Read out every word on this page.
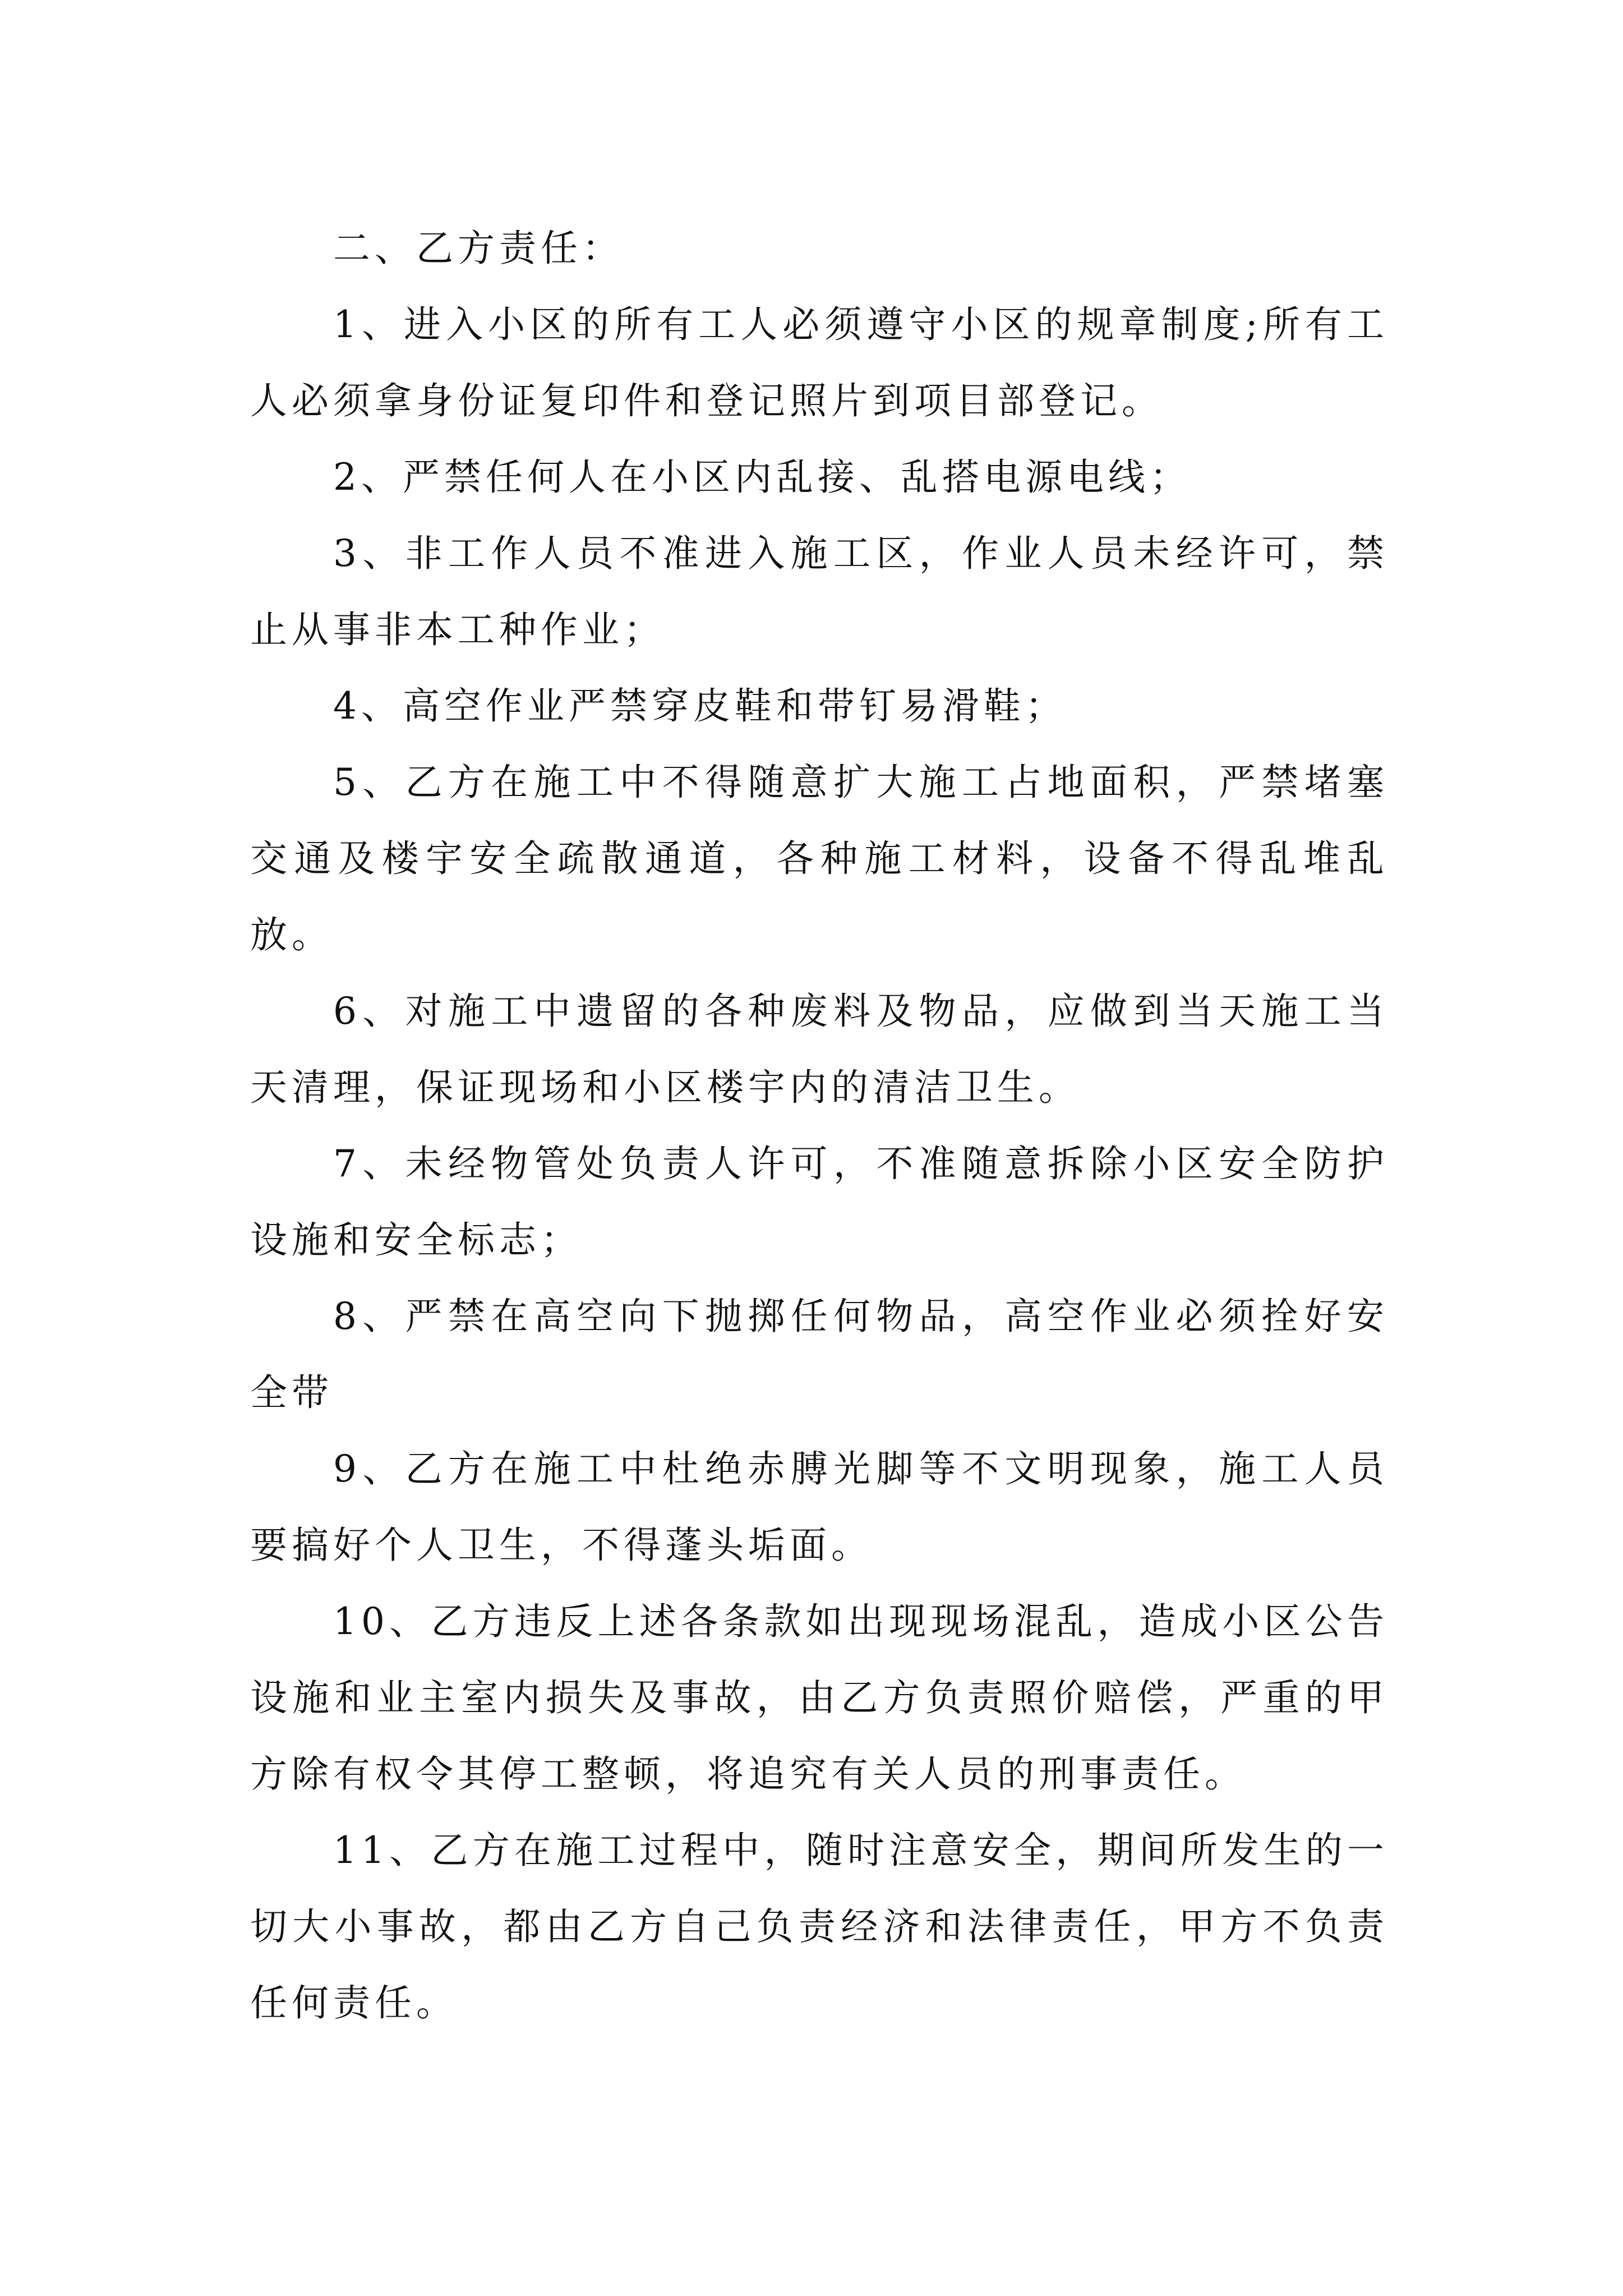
二、乙方责任：

1、进入小区的所有工人必须遵守小区的规章制度;所有工人必须拿身份证复印件和登记照片到项目部登记。

2、严禁任何人在小区内乱接、乱搭电源电线；

3、非工作人员不准进入施工区，作业人员未经许可，禁止从事非本工种作业；

4、高空作业严禁穿皮鞋和带钉易滑鞋；

5、乙方在施工中不得随意扩大施工占地面积，严禁堵塞交通及楼宇安全疏散通道，各种施工材料，设备不得乱堆乱放。

6、对施工中遗留的各种废料及物品，应做到当天施工当天清理，保证现场和小区楼宇内的清洁卫生。

7、未经物管处负责人许可，不准随意拆除小区安全防护设施和安全标志；

8、严禁在高空向下抛掷任何物品，高空作业必须拴好安全带

9、乙方在施工中杜绝赤膊光脚等不文明现象，施工人员要搞好个人卫生，不得蓬头垢面。

10、乙方违反上述各条款如出现现场混乱，造成小区公告设施和业主室内损失及事故，由乙方负责照价赔偿，严重的甲方除有权令其停工整顿，将追究有关人员的刑事责任。

11、乙方在施工过程中，随时注意安全，期间所发生的一切大小事故，都由乙方自己负责经济和法律责任，甲方不负责任何责任。
